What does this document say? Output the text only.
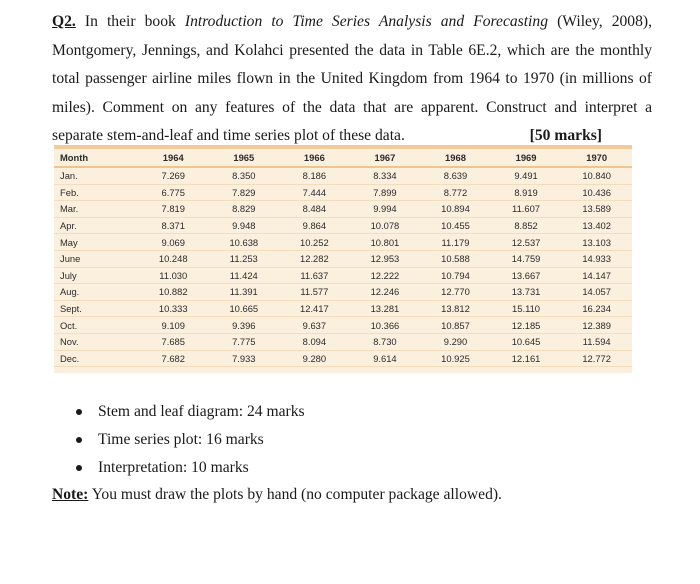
Q2. In their book Introduction to Time Series Analysis and Forecasting (Wiley, 2008), Montgomery, Jennings, and Kolahci presented the data in Table 6E.2, which are the monthly total passenger airline miles flown in the United Kingdom from 1964 to 1970 (in millions of miles). Comment on any features of the data that are apparent. Construct and interpret a separate stem-and-leaf and time series plot of these data.	[50 marks]
Month	1964	1965	1966	1967	1968	1969	1970
Jan.	7.269	8.350	8.186	8.334	8.639	9.491	10.840
Feb.	6.775	7.829	7.444	7.899	8.772	8.919	10.436
Mar.	7.819	8.829	8.484	9.994	10.894	11.607	13.589
Apr.	8.371	9.948	9.864	10.078	10.455	8.852	13.402
May	9.069	10.638	10.252	10.801	11.179	12.537	13.103
June	10.248	11.253	12.282	12.953	10.588	14.759	14.933
July	11.030	11.424	11.637	12.222	10.794	13.667	14.147
Aug.	10.882	11.391	11.577	12.246	12.770	13.731	14.057
Sept.	10.333	10.665	12.417	13.281	13.812	15.110	16.234
Oct.	9.109	9.396	9.637	10.366	10.857	12.185	12.389
Nov.	7.685	7.775	8.094	8.730	9.290	10.645	11.594
Dec.	7.682	7.933	9.280	9.614	10.925	12.161	12.772
Stem and leaf diagram: 24 marks
Time series plot: 16 marks
Interpretation: 10 marks
Note: You must draw the plots by hand (no computer package allowed).
